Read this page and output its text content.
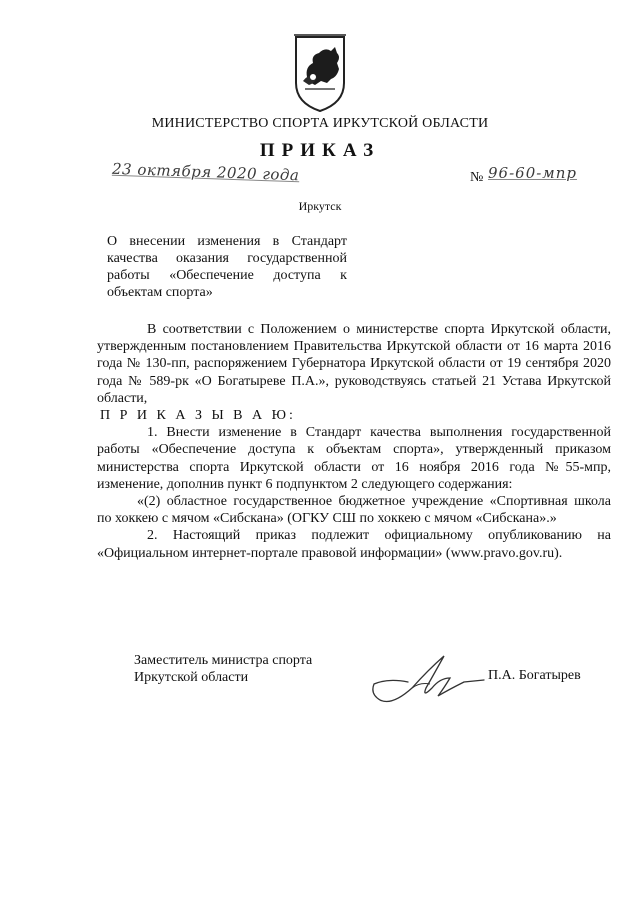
МИНИСТЕРСТВО СПОРТА ИРКУТСКОЙ ОБЛАСТИ
ПРИКАЗ
23 октября 2020 года	№ 96-60-мпр
Иркутск
О внесении изменения в Стандарт качества оказания государственной работы «Обеспечение доступа к объектам спорта»

В соответствии с Положением о министерстве спорта Иркутской области, утвержденным постановлением Правительства Иркутской области от 16 марта 2016 года № 130-пп, распоряжением Губернатора Иркутской области от 19 сентября 2020 года № 589-рк «О Богатыреве П.А.», руководствуясь статьей 21 Устава Иркутской области,

П Р И К А З Ы В А Ю:

1. Внести изменение в Стандарт качества выполнения государственной работы «Обеспечение доступа к объектам спорта», утвержденный приказом министерства спорта Иркутской области от 16 ноября 2016 года №55-мпр, изменение, дополнив пункт 6 подпунктом 2 следующего содержания:

«(2) областное государственное бюджетное учреждение «Спортивная школа по хоккею с мячом «Сибскана» (ОГКУ СШ по хоккею с мячом «Сибскана».»

2. Настоящий приказ подлежит официальному опубликованию на «Официальном интернет-портале правовой информации» (www.pravo.gov.ru).

Заместитель министра спорта
Иркутской области	П.А. Богатырев
